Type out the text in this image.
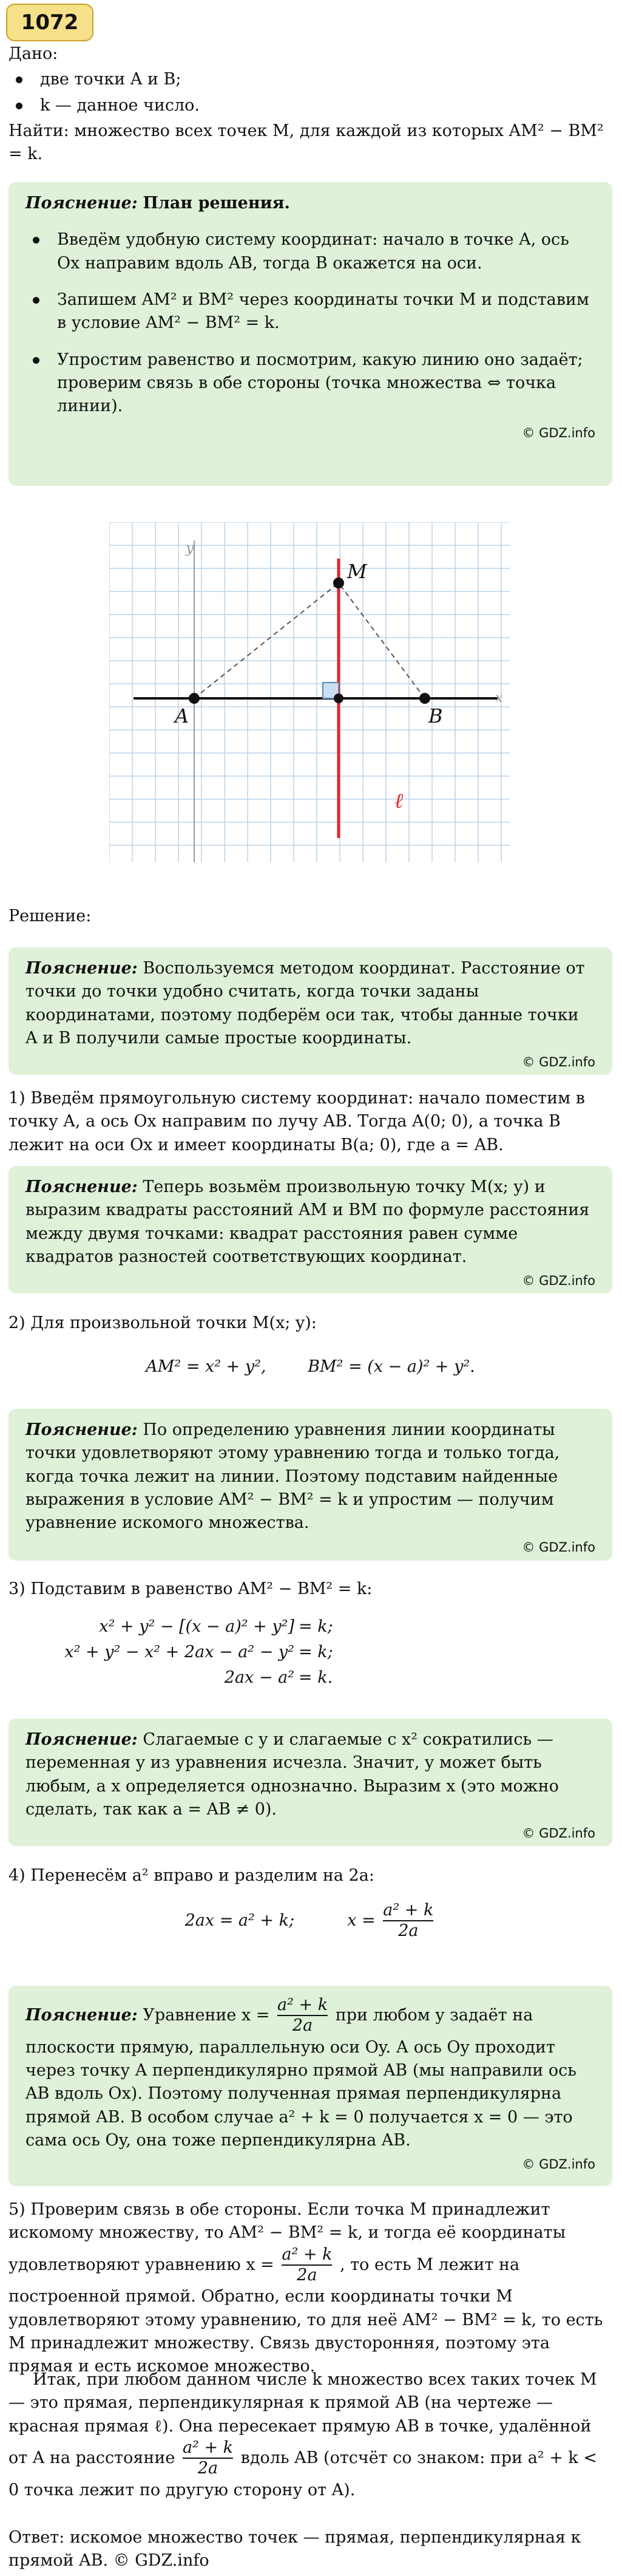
1072
Дано:
две точки A и B;
k — данное число.
Найти: множество всех точек M, для каждой из которых AM² − BM² = k.
Пояснение: План решения.
Введём удобную систему координат: начало в точке A, ось Ox направим вдоль AB, тогда B окажется на оси.
Запишем AM² и BM² через координаты точки M и подставим в условие AM² − BM² = k.
Упростим равенство и посмотрим, какую линию оно задаёт; проверим связь в обе стороны (точка множества ⇔ точка линии).
© GDZ.info
y
x
M
A	B
ℓ
Решение:
Пояснение: Воспользуемся методом координат. Расстояние от точки до точки удобно считать, когда точки заданы координатами, поэтому подберём оси так, чтобы данные точки A и B получили самые простые координаты.
© GDZ.info
1) Введём прямоугольную систему координат: начало поместим в точку A, а ось Ox направим по лучу AB. Тогда A(0; 0), а точка B лежит на оси Ox и имеет координаты B(a; 0), где a = AB.
Пояснение: Теперь возьмём произвольную точку M(x; y) и выразим квадраты расстояний AM и BM по формуле расстояния между двумя точками: квадрат расстояния равен сумме квадратов разностей соответствующих координат.
© GDZ.info
2) Для произвольной точки M(x; y):
AM² = x² + y²,        BM² = (x − a)² + y².
Пояснение: По определению уравнения линии координаты точки удовлетворяют этому уравнению тогда и только тогда, когда точка лежит на линии. Поэтому подставим найденные выражения в условие AM² − BM² = k и упростим — получим уравнение искомого множества.
© GDZ.info
3) Подставим в равенство AM² − BM² = k:
x² + y² − [(x − a)² + y²] = k;
x² + y² − x² + 2ax − a² − y² = k;
2ax − a² = k.
Пояснение: Слагаемые с y и слагаемые с x² сократились — переменная y из уравнения исчезла. Значит, y может быть любым, а x определяется однозначно. Выразим x (это можно сделать, так как a = AB ≠ 0).
© GDZ.info
4) Перенесём a² вправо и разделим на 2a:
2ax = a² + k;	$x = \frac{\text{a² + k}}{2a}$
Пояснение: Уравнение $x = \frac{\text{a² + k}}{2a}$ при любом y задаёт на плоскости прямую, параллельную оси Oy. А ось Oy проходит через точку A перпендикулярно прямой AB (мы направили ось AB вдоль Ox). Поэтому полученная прямая перпендикулярна прямой AB. В особом случае a² + k = 0 получается x = 0 — это сама ось Oy, она тоже перпендикулярна AB.
© GDZ.info
5) Проверим связь в обе стороны. Если точка M принадлежит искомому множеству, то AM² − BM² = k, и тогда её координаты удовлетворяют уравнению $x = \frac{\text{a² + k}}{2a}$ , то есть M лежит на построенной прямой. Обратно, если координаты точки M удовлетворяют этому уравнению, то для неё AM² − BM² = k, то есть M принадлежит множеству. Связь двусторонняя, поэтому эта прямая и есть искомое множество.
Итак, при любом данном числе k множество всех таких точек M — это прямая, перпендикулярная к прямой AB (на чертеже — красная прямая ℓ). Она пересекает прямую AB в точке, удалённой от A на расстояние $\frac{\text{a² + k}}{2a}$ вдоль AB (отсчёт со знаком: при a² + k < 0 точка лежит по другую сторону от A).
Ответ: искомое множество точек — прямая, перпендикулярная к прямой AB. © GDZ.info
